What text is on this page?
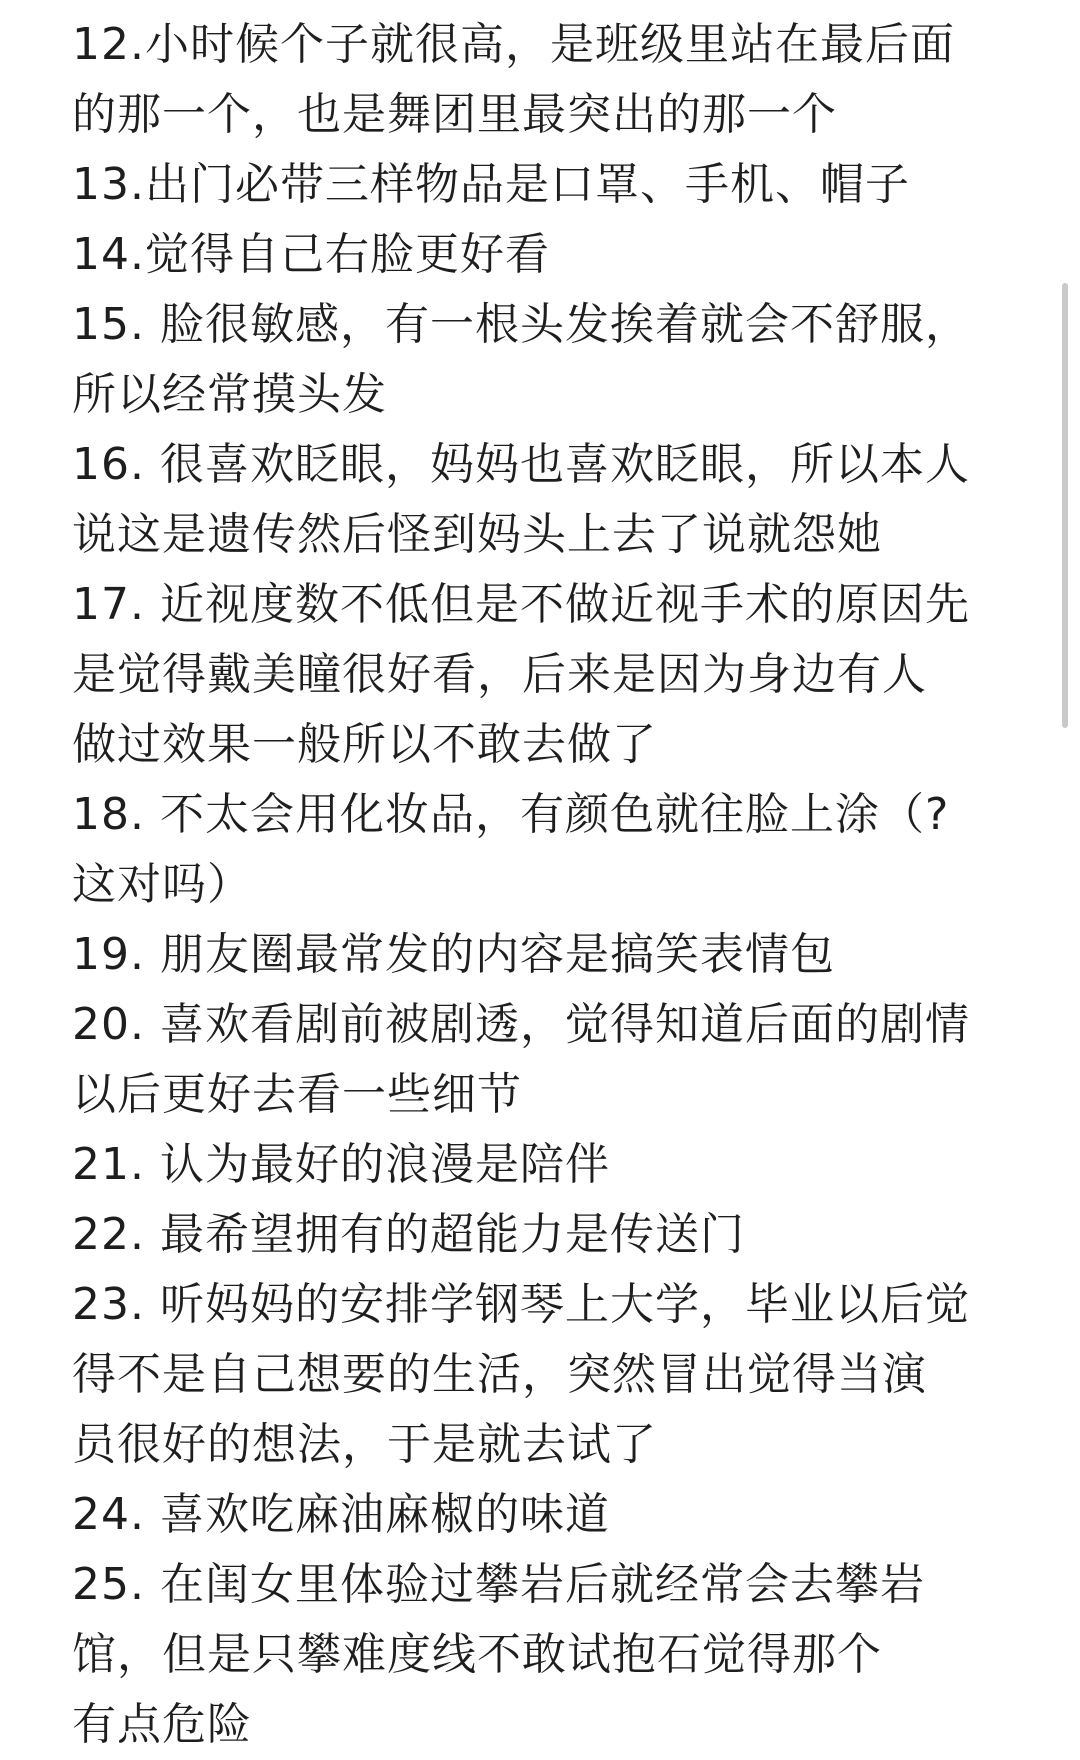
12.小时候个子就很高，是班级里站在最后面
的那一个，也是舞团里最突出的那一个
13.出门必带三样物品是口罩、手机、帽子
14.觉得自己右脸更好看
15. 脸很敏感，有一根头发挨着就会不舒服，
所以经常摸头发
16. 很喜欢眨眼，妈妈也喜欢眨眼，所以本人
说这是遗传然后怪到妈头上去了说就怨她
17. 近视度数不低但是不做近视手术的原因先
是觉得戴美瞳很好看，后来是因为身边有人
做过效果一般所以不敢去做了
18. 不太会用化妆品，有颜色就往脸上涂（?
这对吗）
19. 朋友圈最常发的内容是搞笑表情包
20. 喜欢看剧前被剧透，觉得知道后面的剧情
以后更好去看一些细节
21. 认为最好的浪漫是陪伴
22. 最希望拥有的超能力是传送门
23. 听妈妈的安排学钢琴上大学，毕业以后觉
得不是自己想要的生活，突然冒出觉得当演
员很好的想法，于是就去试了
24. 喜欢吃麻油麻椒的味道
25. 在闺女里体验过攀岩后就经常会去攀岩
馆，但是只攀难度线不敢试抱石觉得那个
有点危险
